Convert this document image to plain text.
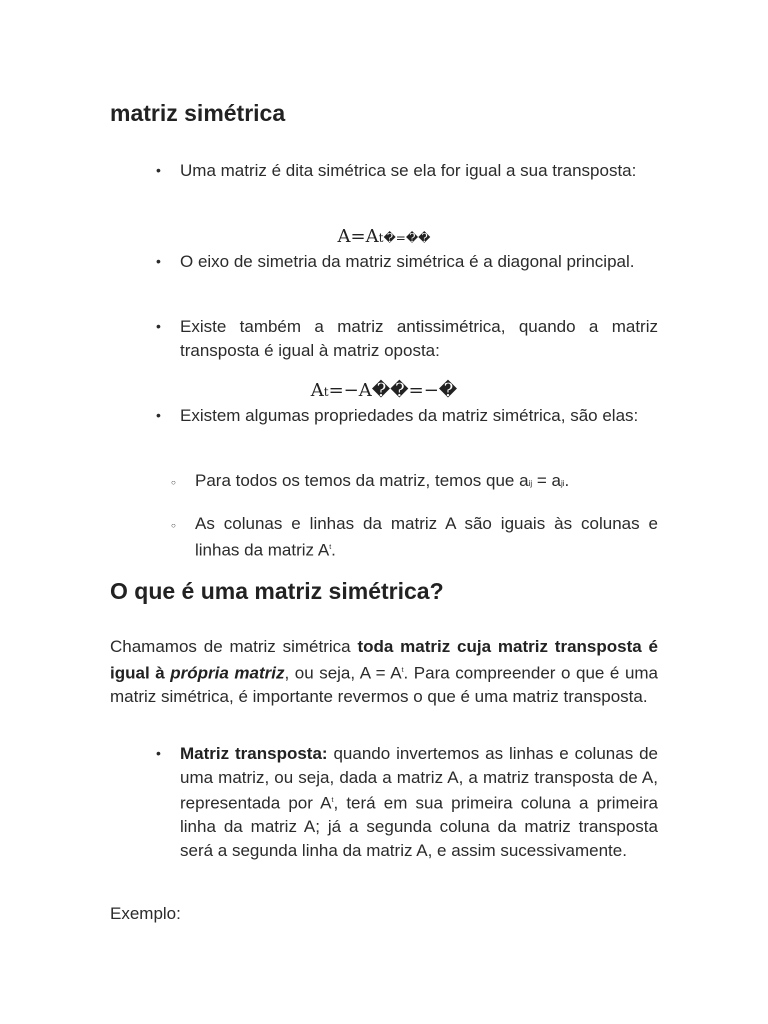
matriz simétrica
• Uma matriz é dita simétrica se ela for igual a sua transposta:
A=At�=��
• O eixo de simetria da matriz simétrica é a diagonal principal.
• Existe também a matriz antissimétrica, quando a matriz transposta é igual à matriz oposta:
At=−A��=−�
• Existem algumas propriedades da matriz simétrica, são elas:
○ Para todos os temos da matriz, temos que aij = aji.
○ As colunas e linhas da matriz A são iguais às colunas e linhas da matriz $A^t$.
O que é uma matriz simétrica?
Chamamos de matriz simétrica toda matriz cuja matriz transposta é igual à própria matriz, ou seja, $A = A^t$. Para compreender o que é uma matriz simétrica, é importante revermos o que é uma matriz transposta.
• Matriz transposta: quando invertemos as linhas e colunas de uma matriz, ou seja, dada a matriz A, a matriz transposta de A, representada por $A^t$, terá em sua primeira coluna a primeira linha da matriz A; já a segunda coluna da matriz transposta será a segunda linha da matriz A, e assim sucessivamente.
Exemplo:
